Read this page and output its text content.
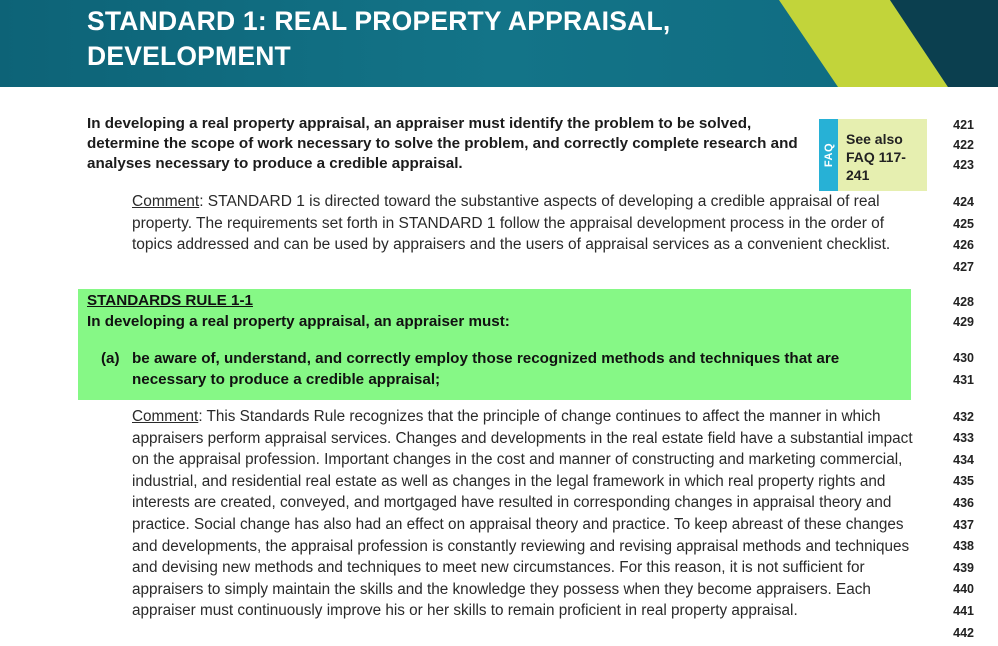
STANDARD 1: REAL PROPERTY APPRAISAL,
DEVELOPMENT
In developing a real property appraisal, an appraiser must identify the problem to be solved, determine the scope of work necessary to solve the problem, and correctly complete research and analyses necessary to produce a credible appraisal.	FAQ
See also FAQ 117-241
Comment: STANDARD 1 is directed toward the substantive aspects of developing a credible appraisal of real property. The requirements set forth in STANDARD 1 follow the appraisal development process in the order of topics addressed and can be used by appraisers and the users of appraisal services as a convenient checklist.
STANDARDS RULE 1-1
In developing a real property appraisal, an appraiser must:
(a) be aware of, understand, and correctly employ those recognized methods and techniques that are necessary to produce a credible appraisal;
Comment: This Standards Rule recognizes that the principle of change continues to affect the manner in which appraisers perform appraisal services. Changes and developments in the real estate field have a substantial impact on the appraisal profession. Important changes in the cost and manner of constructing and marketing commercial, industrial, and residential real estate as well as changes in the legal framework in which real property rights and interests are created, conveyed, and mortgaged have resulted in corresponding changes in appraisal theory and practice. Social change has also had an effect on appraisal theory and practice. To keep abreast of these changes and developments, the appraisal profession is constantly reviewing and revising appraisal methods and techniques and devising new methods and techniques to meet new circumstances. For this reason, it is not sufficient for appraisers to simply maintain the skills and the knowledge they possess when they become appraisers. Each appraiser must continuously improve his or her skills to remain proficient in real property appraisal.
421
422
423
424
425
426
427
428
429
430
431
432
433
434
435
436
437
438
439
440
441
442
